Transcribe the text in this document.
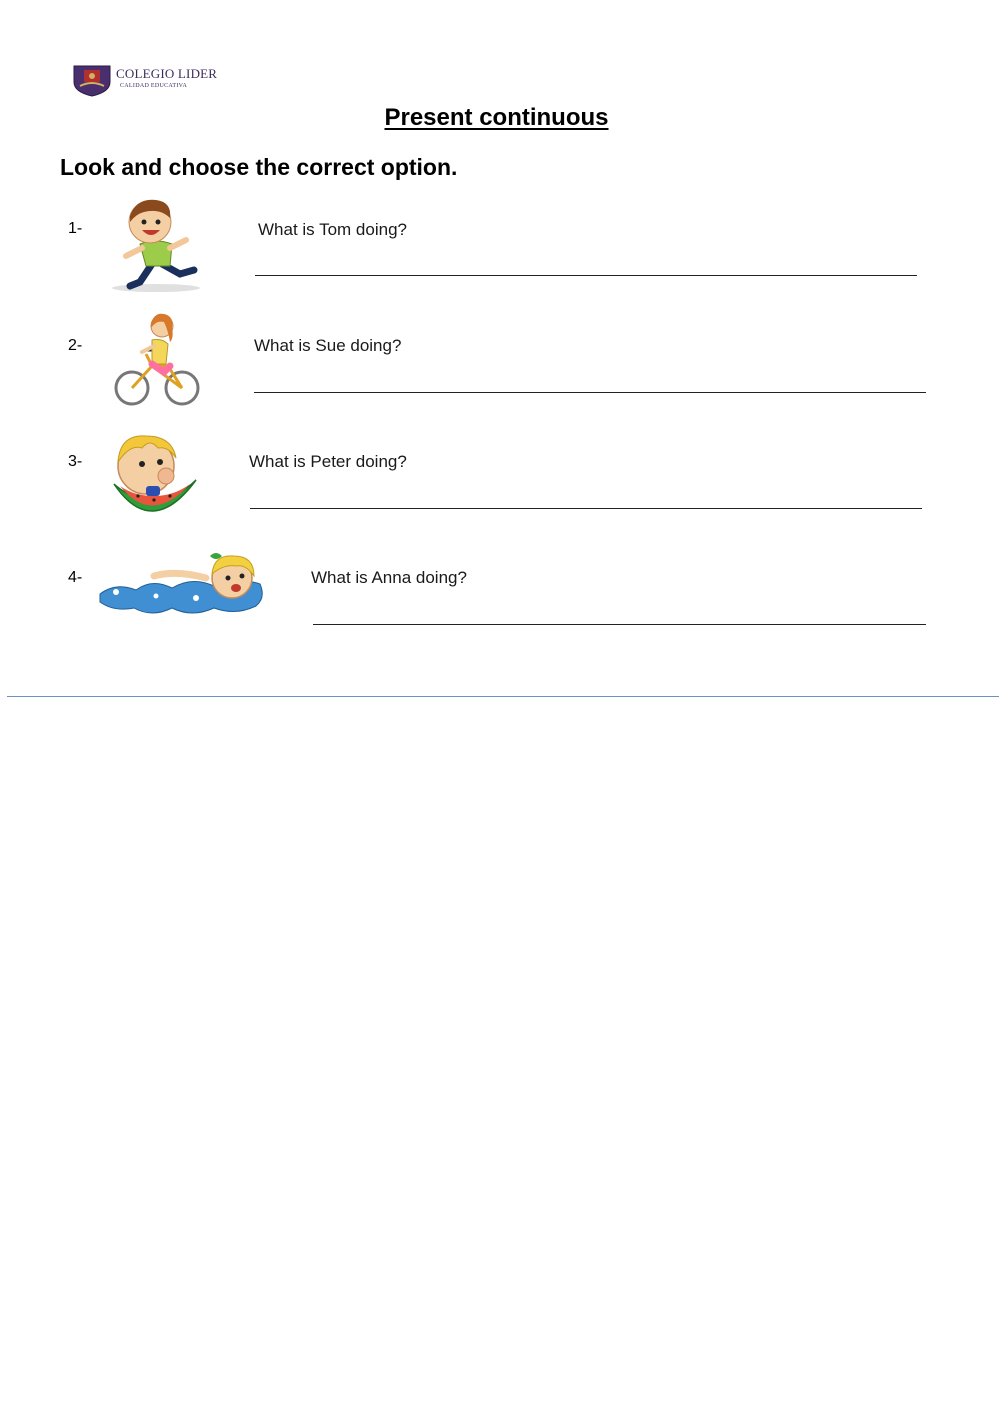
COLEGIO LIDER
CALIDAD EDUCATIVA
Present continuous
Look and choose the correct option.
1-	What is Tom doing?
2-	What is Sue doing?
3-	What is Peter doing?
4-	What is Anna doing?
